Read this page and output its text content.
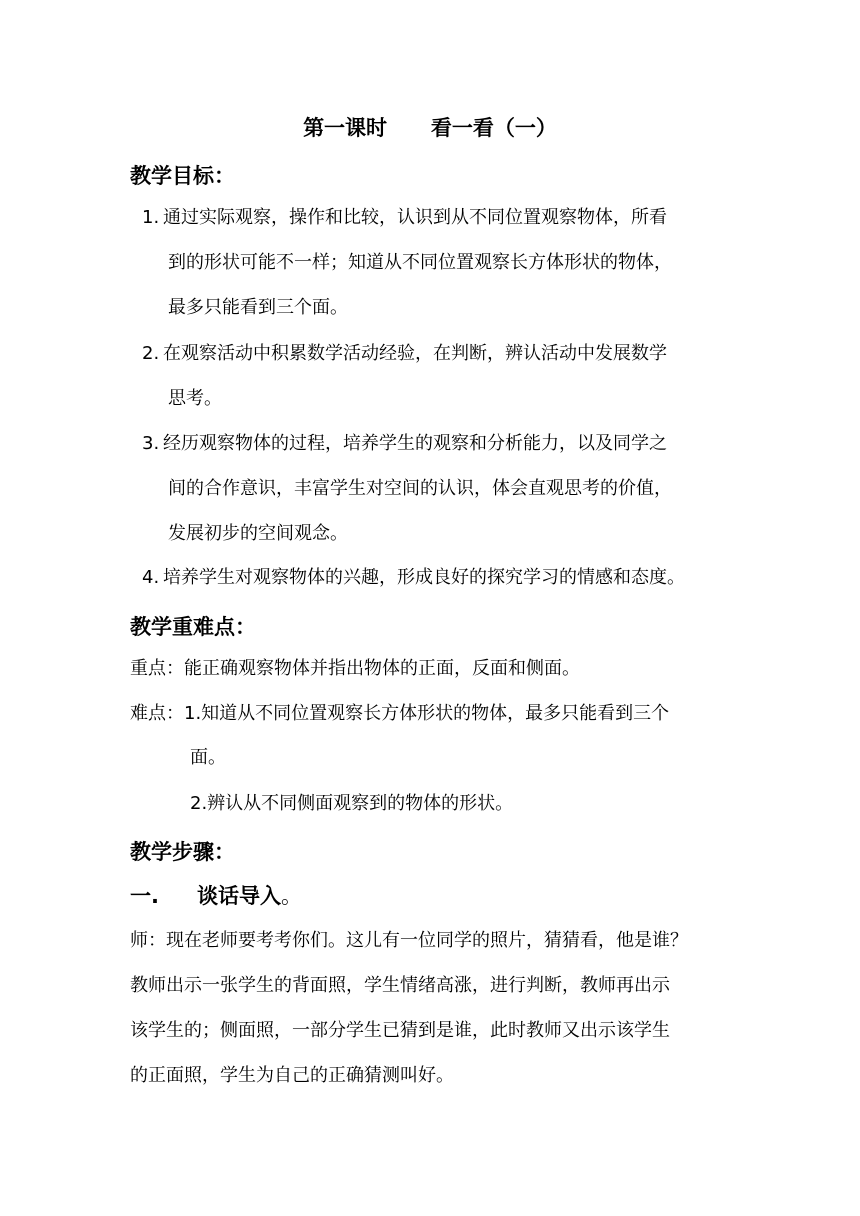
第一课时      看一看（一）
教学目标：
1. 通过实际观察，操作和比较，认识到从不同位置观察物体，所看
到的形状可能不一样；知道从不同位置观察长方体形状的物体，
最多只能看到三个面。
2. 在观察活动中积累数学活动经验，在判断，辨认活动中发展数学
思考。
3. 经历观察物体的过程，培养学生的观察和分析能力，以及同学之
间的合作意识，丰富学生对空间的认识，体会直观思考的价值，
发展初步的空间观念。
4. 培养学生对观察物体的兴趣，形成良好的探究学习的情感和态度。
教学重难点：
重点：能正确观察物体并指出物体的正面，反面和侧面。
难点：1.知道从不同位置观察长方体形状的物体，最多只能看到三个
面。
2.辨认从不同侧面观察到的物体的形状。
教学步骤：
一. 谈话导入。
师：现在老师要考考你们。这儿有一位同学的照片，猜猜看，他是谁？
教师出示一张学生的背面照，学生情绪高涨，进行判断，教师再出示
该学生的；侧面照，一部分学生已猜到是谁，此时教师又出示该学生
的正面照，学生为自己的正确猜测叫好。
